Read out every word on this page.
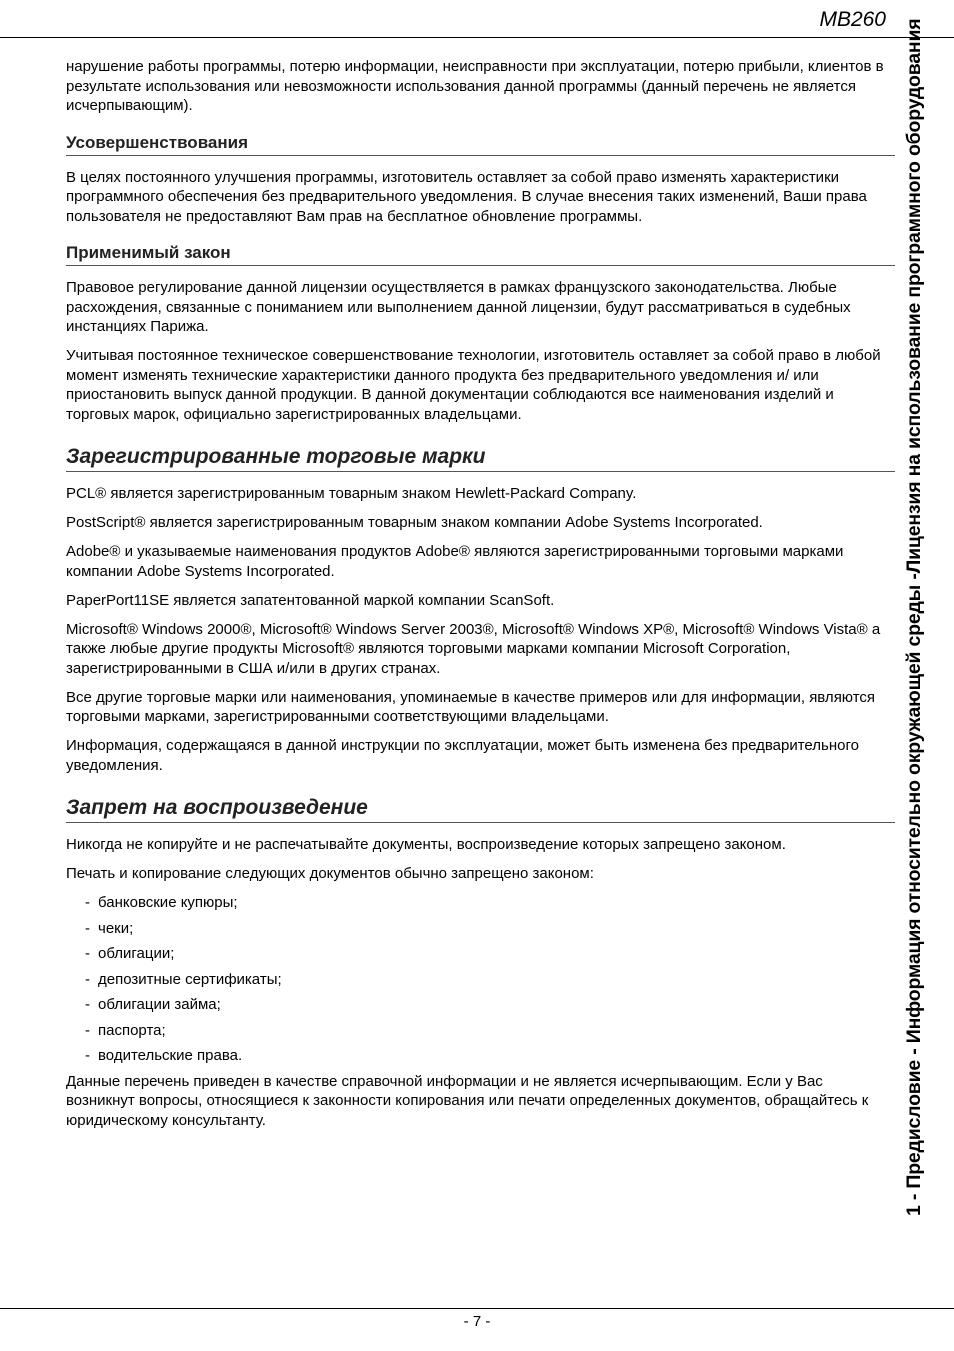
MB260 1 - Предисловие - Информация относительно окружающей среды -Лицензия на использование программного оборудования

нарушение работы программы, потерю информации, неисправности при эксплуатации, потерю прибыли, клиентов в результате использования или невозможности использования данной программы (данный перечень не является исчерпывающим).

Усовершенствования

В целях постоянного улучшения программы, изготовитель оставляет за собой право изменять характеристики программного обеспечения без предварительного уведомления. В случае внесения таких изменений, Ваши права пользователя не предоставляют Вам прав на бесплатное обновление программы.

Применимый закон

Правовое регулирование данной лицензии осуществляется в рамках французского законодательства. Любые расхождения, связанные с пониманием или выполнением данной лицензии, будут рассматриваться в судебных инстанциях Парижа.

Учитывая постоянное техническое совершенствование технологии, изготовитель оставляет за собой право в любой момент изменять технические характеристики данного продукта без предварительного уведомления и/ или приостановить выпуск данной продукции. В данной документации соблюдаются все наименования изделий и торговых марок, официально зарегистрированных владельцами.

Зарегистрированные торговые марки

PCL® является зарегистрированным товарным знаком Hewlett-Packard Company.

PostScript® является зарегистрированным товарным знаком компании Adobe Systems Incorporated.

Adobe® и указываемые наименования продуктов Adobe® являются зарегистрированными торговыми марками компании Adobe Systems Incorporated.

PaperPort11SE является запатентованной маркой компании ScanSoft.

Microsoft® Windows 2000®, Microsoft® Windows Server 2003®, Microsoft® Windows XP®, Microsoft® Windows Vista® а также любые другие продукты Microsoft® являются торговыми марками компании Microsoft Corporation, зарегистрированными в США и/или в других странах.

Все другие торговые марки или наименования, упоминаемые в качестве примеров или для информации, являются торговыми марками, зарегистрированными соответствующими владельцами.

Информация, содержащаяся в данной инструкции по эксплуатации, может быть изменена без предварительного уведомления.

Запрет на воспроизведение

Никогда не копируйте и не распечатывайте документы, воспроизведение которых запрещено законом.

Печать и копирование следующих документов обычно запрещено законом:

- банковские купюры;
- чеки;
- облигации;
- депозитные сертификаты;
- облигации займа;
- паспорта;
- водительские права.

Данные перечень приведен в качестве справочной информации и не является исчерпывающим. Если у Вас возникнут вопросы, относящиеся к законности копирования или печати определенных документов, обращайтесь к юридическому консультанту.

- 7 -
